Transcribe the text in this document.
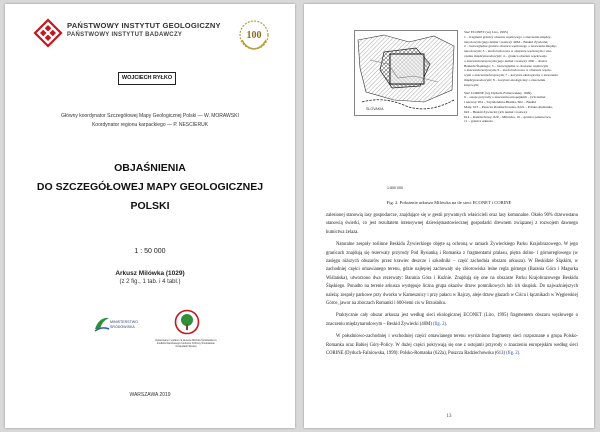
PAŃSTWOWY INSTYTUT GEOLOGICZNY
PAŃSTWOWY INSTYTUT BADAWCZY	100
WOJCIECH RYŁKO
Główny koordynator Szczegółowej Mapy Geologicznej Polski — W. MORAWSKI
Koordynator regionu karpackiego — P. NESCIERUK
OBJAŚNIENIA
DO SZCZEGÓŁOWEJ MAPY GEOLOGICZNEJ
POLSKI
1 : 50 000
Arkusz Milówka (1029)
(z 2 fig., 1 tab. i 4 tabl.)
MINISTERSTWO
ŚRODOWISKA
Opracowano i wydano na zlecenie Ministra Środowiska ze środków Narodowego Funduszu Ochrony Środowiska i Gospodarki Wodnej
WARSZAWA 2019
SLOVAKIA
1:500 000
Sieć ECONET (wg Liro, 1995)
1 – fragment granicy obszaru węzłowego o znaczeniu między-
narodowym (jego numer i nazwa): 40M – Beskid Żywiecki;
2 – bezwzględne granice obszaru węzłowego o znaczeniu między-
narodowym; 3 – strefa buforowa w obszarze węzłowym o zna-
czeniu międzynarodowym; 4 – granica obszaru węzłowego
o znaczeniu krajowym (jego numer i nazwa): 29K – obszar
Beskidu Śląskiego; 5 – bezwzględne w obszarze węzłowym
o znaczeniu krajowym; 6 – strefa buforowa w obszarze węzło-
wym o znaczeniu krajowym; 7 – korytarz ekologiczny o znaczeniu
międzynarodowym; 8 – korytarz ekologiczny o znaczeniu
krajowym;
Sieć CORINE (wg Dyduch-Falniowskiej, 1999)
9 – ostoje przyrody o znaczeniu europejskim – (ich numer
i nazwa): 954 – Szyndzielnia-Błatnia, 602 – Beskid
Mały, 613 – Puszcza Radziechowska, 622a – Polsko-Romanka,
622 – Beskid Żywiecki; (ich numer i nazwa):
614 – Radziechowy, 620 – Milówka, 10 – granica państwowa,
11 – granica arkusza
Fig. 2. Położenie arkusza Milówka na tle sieci ECONET i CORINE

zalesionej stanowią lasy gospodarcze, znajdujące się w gestii prywatnych właścicieli oraz lasy komunalne. Około 90% drzewostanu stanowią świerki, co jest rezultatem intensywnej dziewiętnastowiecznej gospodarki drewnem związanej z rozwojem dawnego hutnictwa żelaza.

Naturalne zespoły roślinne Beskidu Żywieckiego objęte są ochroną w ramach Żywieckiego Parku Krajobrazowego. W jego granicach znajdują się rezerwaty przyrody Pod Rysianką i Romanka z fragmentami pralasu, piętra dolno- i górnoreglowego (w zasięgu niższych obszarów przez krawiec deszcze i szkodniki – część zachodnia obszaru arkusza). W Beskidzie Śląskim, w zachodniej części omawianego terenu, gdzie najlepiej zachowały się zbiorowiska leśne regla górnego (Barania Góra i Magurka Wiślańska), utworzono dwa rezerwaty: Barania Góra i Kuźnie. Znajdują się one na obszarze Parku Krajobrazowego Beskidu Śląskiego. Ponadto na terenie arkusza występuje liczna grupa okazów drzew pomnikowych lub ich skupisk. Do najważniejszych należą: zespoły parkowe przy dworku w Kamesznicy i przy pałacu w Rajczy, aleje drzew głazach w Ciścu i łącznikach w Węgierskiej Górce, jawor na zboczach Romanki i 600-letni cis w Brzuśniku.

Praktycznie cały obszar arkusza jest według sieci ekologicznej ECONET (Liro, 1995) fragmentem obszaru węzłowego o znaczeniu międzynarodowym – Beskid Żywiecki (40M) (fig. 2).

W południowo-zachodniej i wschodniej części omawianego terenu wyróżniono fragmenty sieci rozpoznane o grupa Polsko-Romanka oraz Babiej Góry-Policy. W dużej części pokrywają się one z ostojami przyrody o znaczeniu europejskim według sieci CORINE (Dyduch-Falniowska, 1999): Polsko-Romanka (622a), Puszcza Radziechowska (613) (fig. 2).

13
